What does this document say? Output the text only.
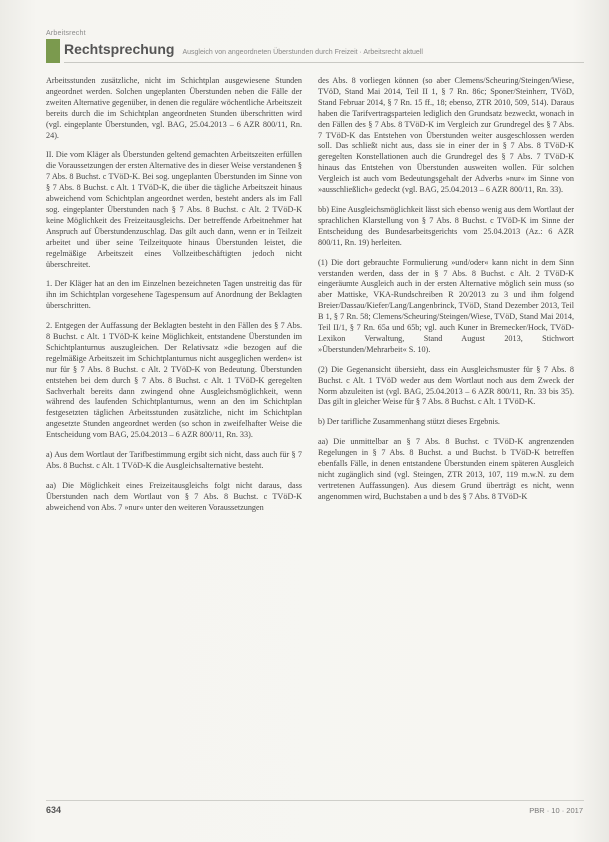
Arbeitsrecht
Rechtsprechung Ausgleich von angeordneten Überstunden durch Freizeit · Arbeitsrecht aktuell

Arbeitsstunden zusätzliche, nicht im Schichtplan ausgewiesene Stunden angeordnet werden. Solchen ungeplanten Überstunden neben die Fälle der zweiten Alternative gegenüber, in denen die reguläre wöchentliche Arbeitszeit bereits durch die im Schichtplan angeordneten Stunden überschritten wird (vgl. eingeplante Überstunden, vgl. BAG, 25.04.2013 – 6 AZR 800/11, Rn. 24).

II. Die vom Kläger als Überstunden geltend gemachten Arbeitszeiten erfüllen die Voraussetzungen der ersten Alternative des in dieser Weise verstandenen § 7 Abs. 8 Buchst. c TVöD-K. Bei sog. ungeplanten Überstunden im Sinne von § 7 Abs. 8 Buchst. c Alt. 1 TVöD-K, die über die tägliche Arbeitszeit hinaus abweichend vom Schichtplan angeordnet werden, besteht anders als im Fall sog. eingeplanter Überstunden nach § 7 Abs. 8 Buchst. c Alt. 2 TVöD-K keine Möglichkeit des Freizeitausgleichs. Der betreffende Arbeitnehmer hat Anspruch auf Überstundenzuschlag. Das gilt auch dann, wenn er in Teilzeit arbeitet und über seine Teilzeitquote hinaus Überstunden leistet, die regelmäßige Arbeitszeit eines Vollzeitbeschäftigten jedoch nicht überschreitet.

1. Der Kläger hat an den im Einzelnen bezeichneten Tagen unstreitig das für ihn im Schichtplan vorgesehene Tagespensum auf Anordnung der Beklagten überschritten.

2. Entgegen der Auffassung der Beklagten besteht in den Fällen des § 7 Abs. 8 Buchst. c Alt. 1 TVöD-K keine Möglichkeit, entstandene Überstunden im Schichtplanturnus auszugleichen. Der Relativsatz »die bezogen auf die regelmäßige Arbeitszeit im Schichtplanturnus nicht ausgeglichen werden« ist nur für § 7 Abs. 8 Buchst. c Alt. 2 TVöD-K von Bedeutung. Überstunden entstehen bei dem durch § 7 Abs. 8 Buchst. c Alt. 1 TVöD-K geregelten Sachverhalt bereits dann zwingend ohne Ausgleichsmöglichkeit, wenn während des laufenden Schichtplanturnus, wenn an den im Schichtplan festgesetzten täglichen Arbeitsstunden zusätzliche, nicht im Schichtplan angesetzte Stunden angeordnet werden (so schon in zweifelhafter Weise die Entscheidung vom BAG, 25.04.2013 – 6 AZR 800/11, Rn. 33).

a) Aus dem Wortlaut der Tarifbestimmung ergibt sich nicht, dass auch für § 7 Abs. 8 Buchst. c Alt. 1 TVöD-K die Ausgleichsalternative besteht.

aa) Die Möglichkeit eines Freizeitausgleichs folgt nicht daraus, dass Überstunden nach dem Wortlaut von § 7 Abs. 8 Buchst. c TVöD-K abweichend von Abs. 7 »nur« unter den weiteren Voraussetzungen

des Abs. 8 vorliegen können (so aber Clemens/Scheuring/Steingen/Wiese, TVöD, Stand Mai 2014, Teil II 1, § 7 Rn. 86c; Sponer/Steinherr, TVöD, Stand Februar 2014, § 7 Rn. 15 ff., 18; ebenso, ZTR 2010, 509, 514). Daraus haben die Tarifvertragsparteien lediglich den Grundsatz bezweckt, wonach in den Fällen des § 7 Abs. 8 TVöD-K im Vergleich zur Grundregel des § 7 Abs. 7 TVöD-K das Entstehen von Überstunden weiter ausgeschlossen werden soll. Das schließt nicht aus, dass sie in einer der in § 7 Abs. 8 TVöD-K geregelten Konstellationen auch die Grundregel des § 7 Abs. 7 TVöD-K hinaus das Entstehen von Überstunden ausweiten wollen. Für solchen Vergleich ist auch vom Bedeutungsgehalt der Adverbs »nur« im Sinne von »ausschließlich« gedeckt (vgl. BAG, 25.04.2013 – 6 AZR 800/11, Rn. 33).

bb) Eine Ausgleichsmöglichkeit lässt sich ebenso wenig aus dem Wortlaut der sprachlichen Klarstellung von § 7 Abs. 8 Buchst. c TVöD-K im Sinne der Entscheidung des Bundesarbeitsgerichts vom 25.04.2013 (Az.: 6 AZR 800/11, Rn. 19) herleiten.

(1) Die dort gebrauchte Formulierung »und/oder« kann nicht in dem Sinn verstanden werden, dass der in § 7 Abs. 8 Buchst. c Alt. 2 TVöD-K eingeräumte Ausgleich auch in der ersten Alternative möglich sein muss (so aber Mattiske, VKA-Rundschreiben R 20/2013 zu 3 und ihm folgend Breier/Dassau/Kiefer/Lang/Langenbrinck, TVöD, Stand Dezember 2013, Teil B 1, § 7 Rn. 58; Clemens/Scheuring/Steingen/Wiese, TVöD, Stand Mai 2014, Teil II/1, § 7 Rn. 65a und 65b; vgl. auch Kuner in Bremecker/Hock, TVöD-Lexikon Verwaltung, Stand August 2013, Stichwort »Überstunden/Mehrarbeit« S. 10).

(2) Die Gegenansicht übersieht, dass ein Ausgleichsmuster für § 7 Abs. 8 Buchst. c Alt. 1 TVöD weder aus dem Wortlaut noch aus dem Zweck der Norm abzuleiten ist (vgl. BAG, 25.04.2013 – 6 AZR 800/11, Rn. 33 bis 35). Das gilt in gleicher Weise für § 7 Abs. 8 Buchst. c Alt. 1 TVöD-K.

b) Der tarifliche Zusammenhang stützt dieses Ergebnis.

aa) Die unmittelbar an § 7 Abs. 8 Buchst. c TVöD-K angrenzenden Regelungen in § 7 Abs. 8 Buchst. a und Buchst. b TVöD-K betreffen ebenfalls Fälle, in denen entstandene Überstunden einem späteren Ausgleich nicht zugänglich sind (vgl. Steingen, ZTR 2013, 107, 119 m.w.N. zu dem vertretenen Auffassungen). Aus diesem Grund überträgt es nicht, wenn angenommen wird, Buchstaben a und b des § 7 Abs. 8 TVöD-K

634	PBR · 10 · 2017
